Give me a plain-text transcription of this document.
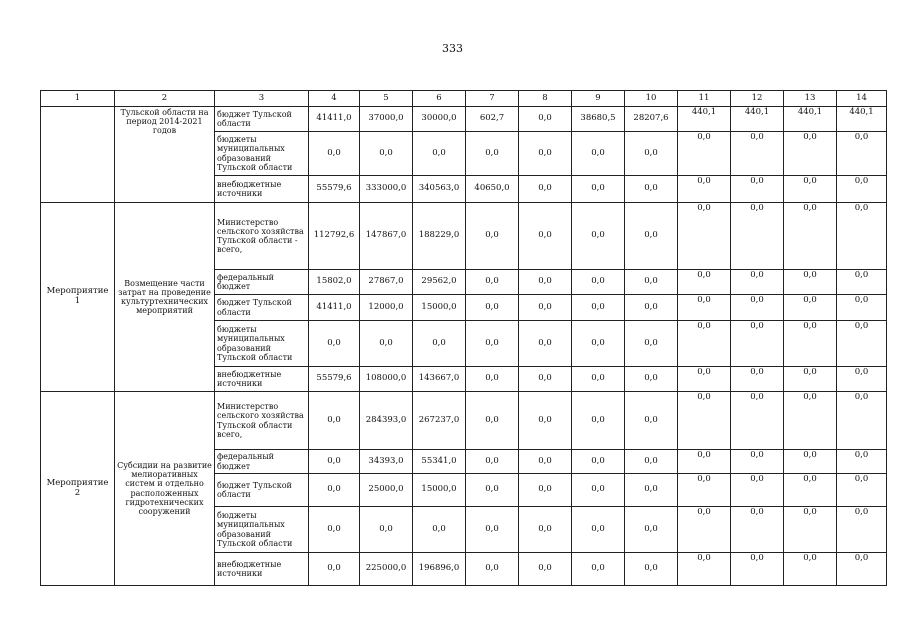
333
1	2	3	4	5	6	7	8	9	10	11	12	13	14
	Тульской области на период 2014-2021 годов	бюджет Тульской области	41411,0	37000,0	30000,0	602,7	0,0	38680,5	28207,6	440,1	440,1	440,1	440,1
		бюджеты муниципальных образований Тульской области	0,0	0,0	0,0	0,0	0,0	0,0	0,0	0,0	0,0	0,0	0,0
		внебюджетные источники	55579,6	333000,0	340563,0	40650,0	0,0	0,0	0,0	0,0	0,0	0,0	0,0
Мероприятие 1	Возмещение части затрат на проведение культуртехнических мероприятий	Министерство сельского хозяйства Тульской области - всего,	112792,6	147867,0	188229,0	0,0	0,0	0,0	0,0	0,0	0,0	0,0	0,0
		федеральный бюджет	15802,0	27867,0	29562,0	0,0	0,0	0,0	0,0	0,0	0,0	0,0	0,0
		бюджет Тульской области	41411,0	12000,0	15000,0	0,0	0,0	0,0	0,0	0,0	0,0	0,0	0,0
		бюджеты муниципальных образований Тульской области	0,0	0,0	0,0	0,0	0,0	0,0	0,0	0,0	0,0	0,0	0,0
		внебюджетные источники	55579,6	108000,0	143667,0	0,0	0,0	0,0	0,0	0,0	0,0	0,0	0,0
Мероприятие 2	Субсидии на развитие мелиоративных систем и отдельно расположенных гидротехнических сооружений	Министерство сельского хозяйства Тульской области всего,	0,0	284393,0	267237,0	0,0	0,0	0,0	0,0	0,0	0,0	0,0	0,0
		федеральный бюджет	0,0	34393,0	55341,0	0,0	0,0	0,0	0,0	0,0	0,0	0,0	0,0
		бюджет Тульской области	0,0	25000,0	15000,0	0,0	0,0	0,0	0,0	0,0	0,0	0,0	0,0
		бюджеты муниципальных образований Тульской области	0,0	0,0	0,0	0,0	0,0	0,0	0,0	0,0	0,0	0,0	0,0
		внебюджетные источники	0,0	225000,0	196896,0	0,0	0,0	0,0	0,0	0,0	0,0	0,0	0,0
